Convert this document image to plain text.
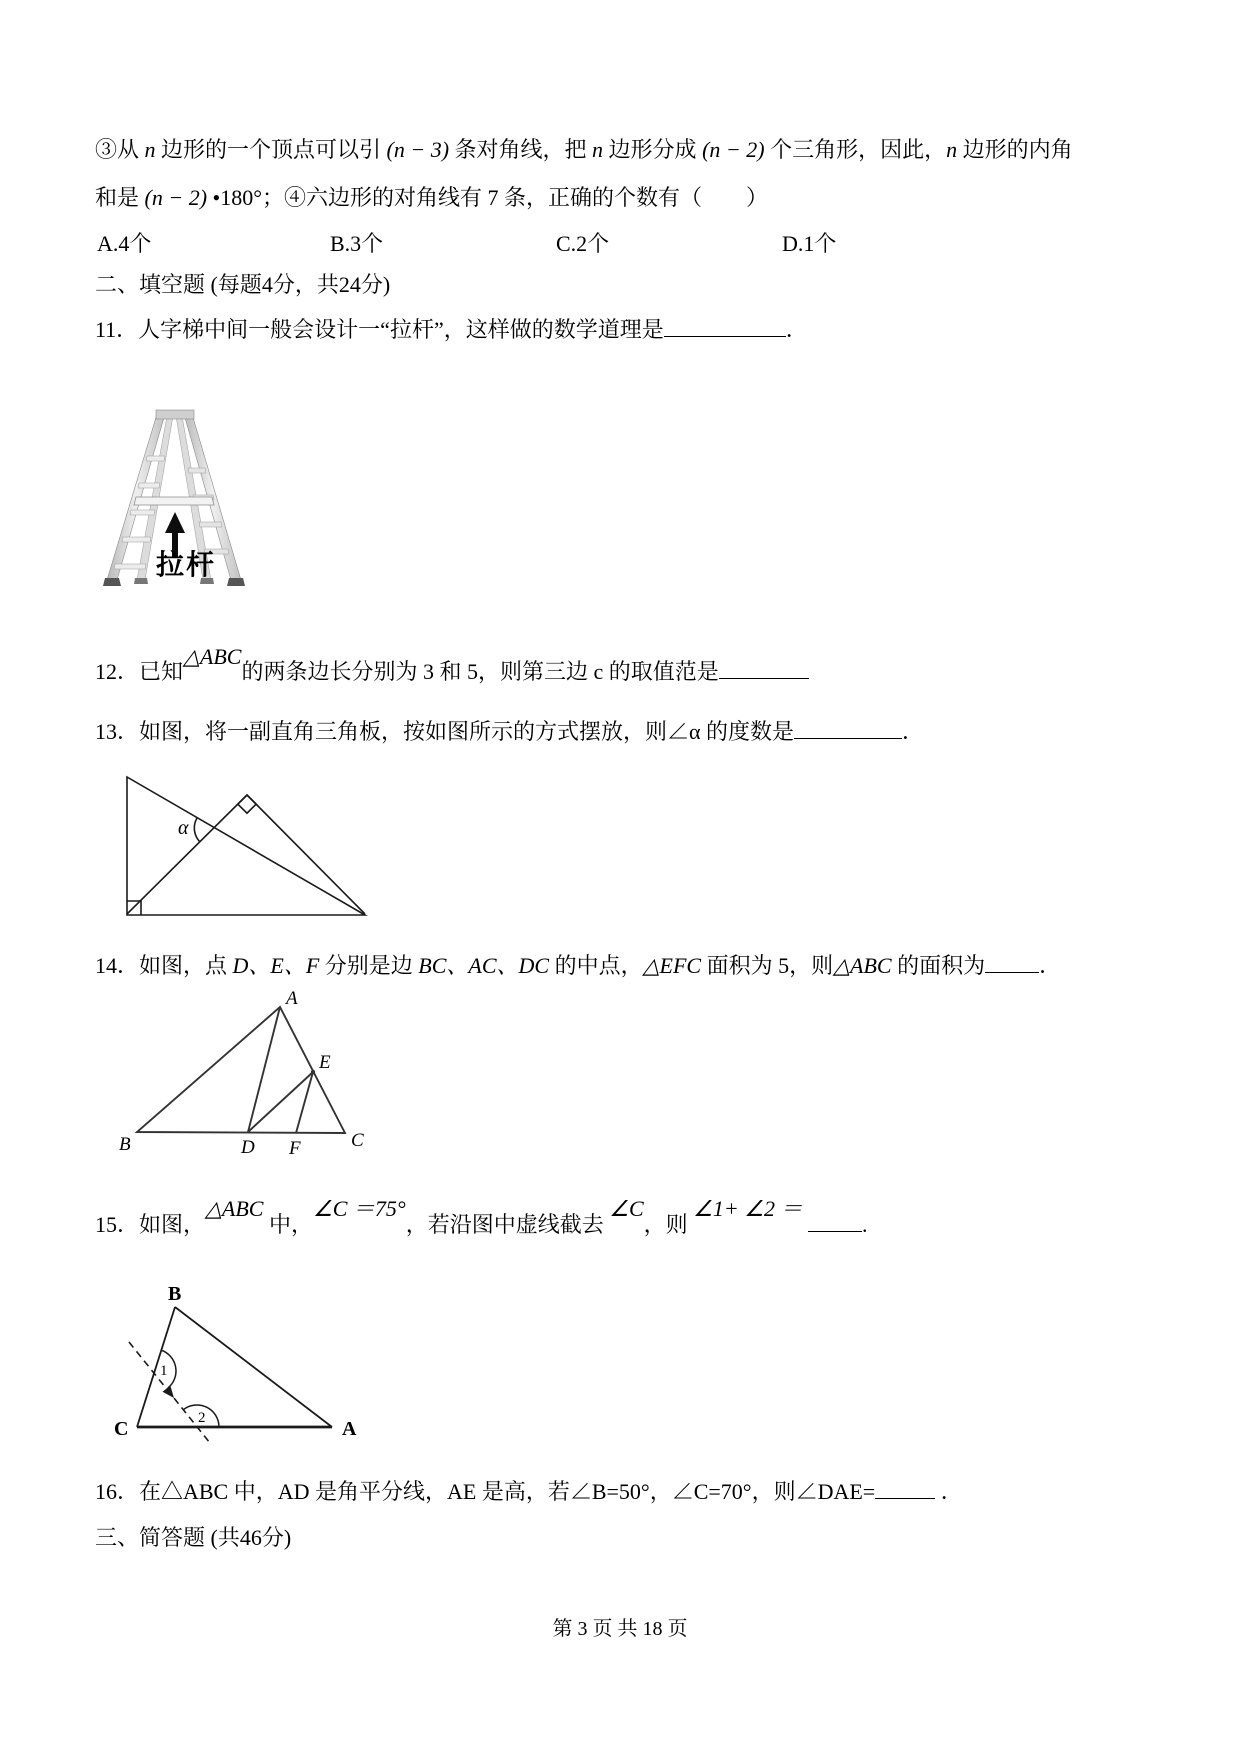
③从 n 边形的一个顶点可以引 (n − 3) 条对角线，把 n 边形分成 (n − 2) 个三角形，因此，n 边形的内角
和是 (n − 2) •180°；④六边形的对角线有 7 条，正确的个数有（　　）
A.4个	B.3个	C.2个	D.1个
二、填空题 (每题4分，共24分)
11．人字梯中间一般会设计一“拉杆”，这样做的数学道理是	．
拉杆
12．已知△ABC的两条边长分别为 3 和 5，则第三边 c 的取值范是
13．如图，将一副直角三角板，按如图所示的方式摆放，则∠α 的度数是	．
α
14．如图，点 D、E、F 分别是边 BC、AC、DC 的中点，△EFC 面积为 5，则△ABC 的面积为 ．
A
B	C
D
E
F
15．如图，△ABC 中，∠C ＝75°，若沿图中虚线截去 ∠C，则 ∠1+ ∠2 ＝ .
B
C	A
1
2
16．在△ABC 中，AD 是角平分线，AE 是高，若∠B=50°，∠C=70°，则∠DAE=	．
三、简答题 (共46分)
第 3 页 共 18 页
